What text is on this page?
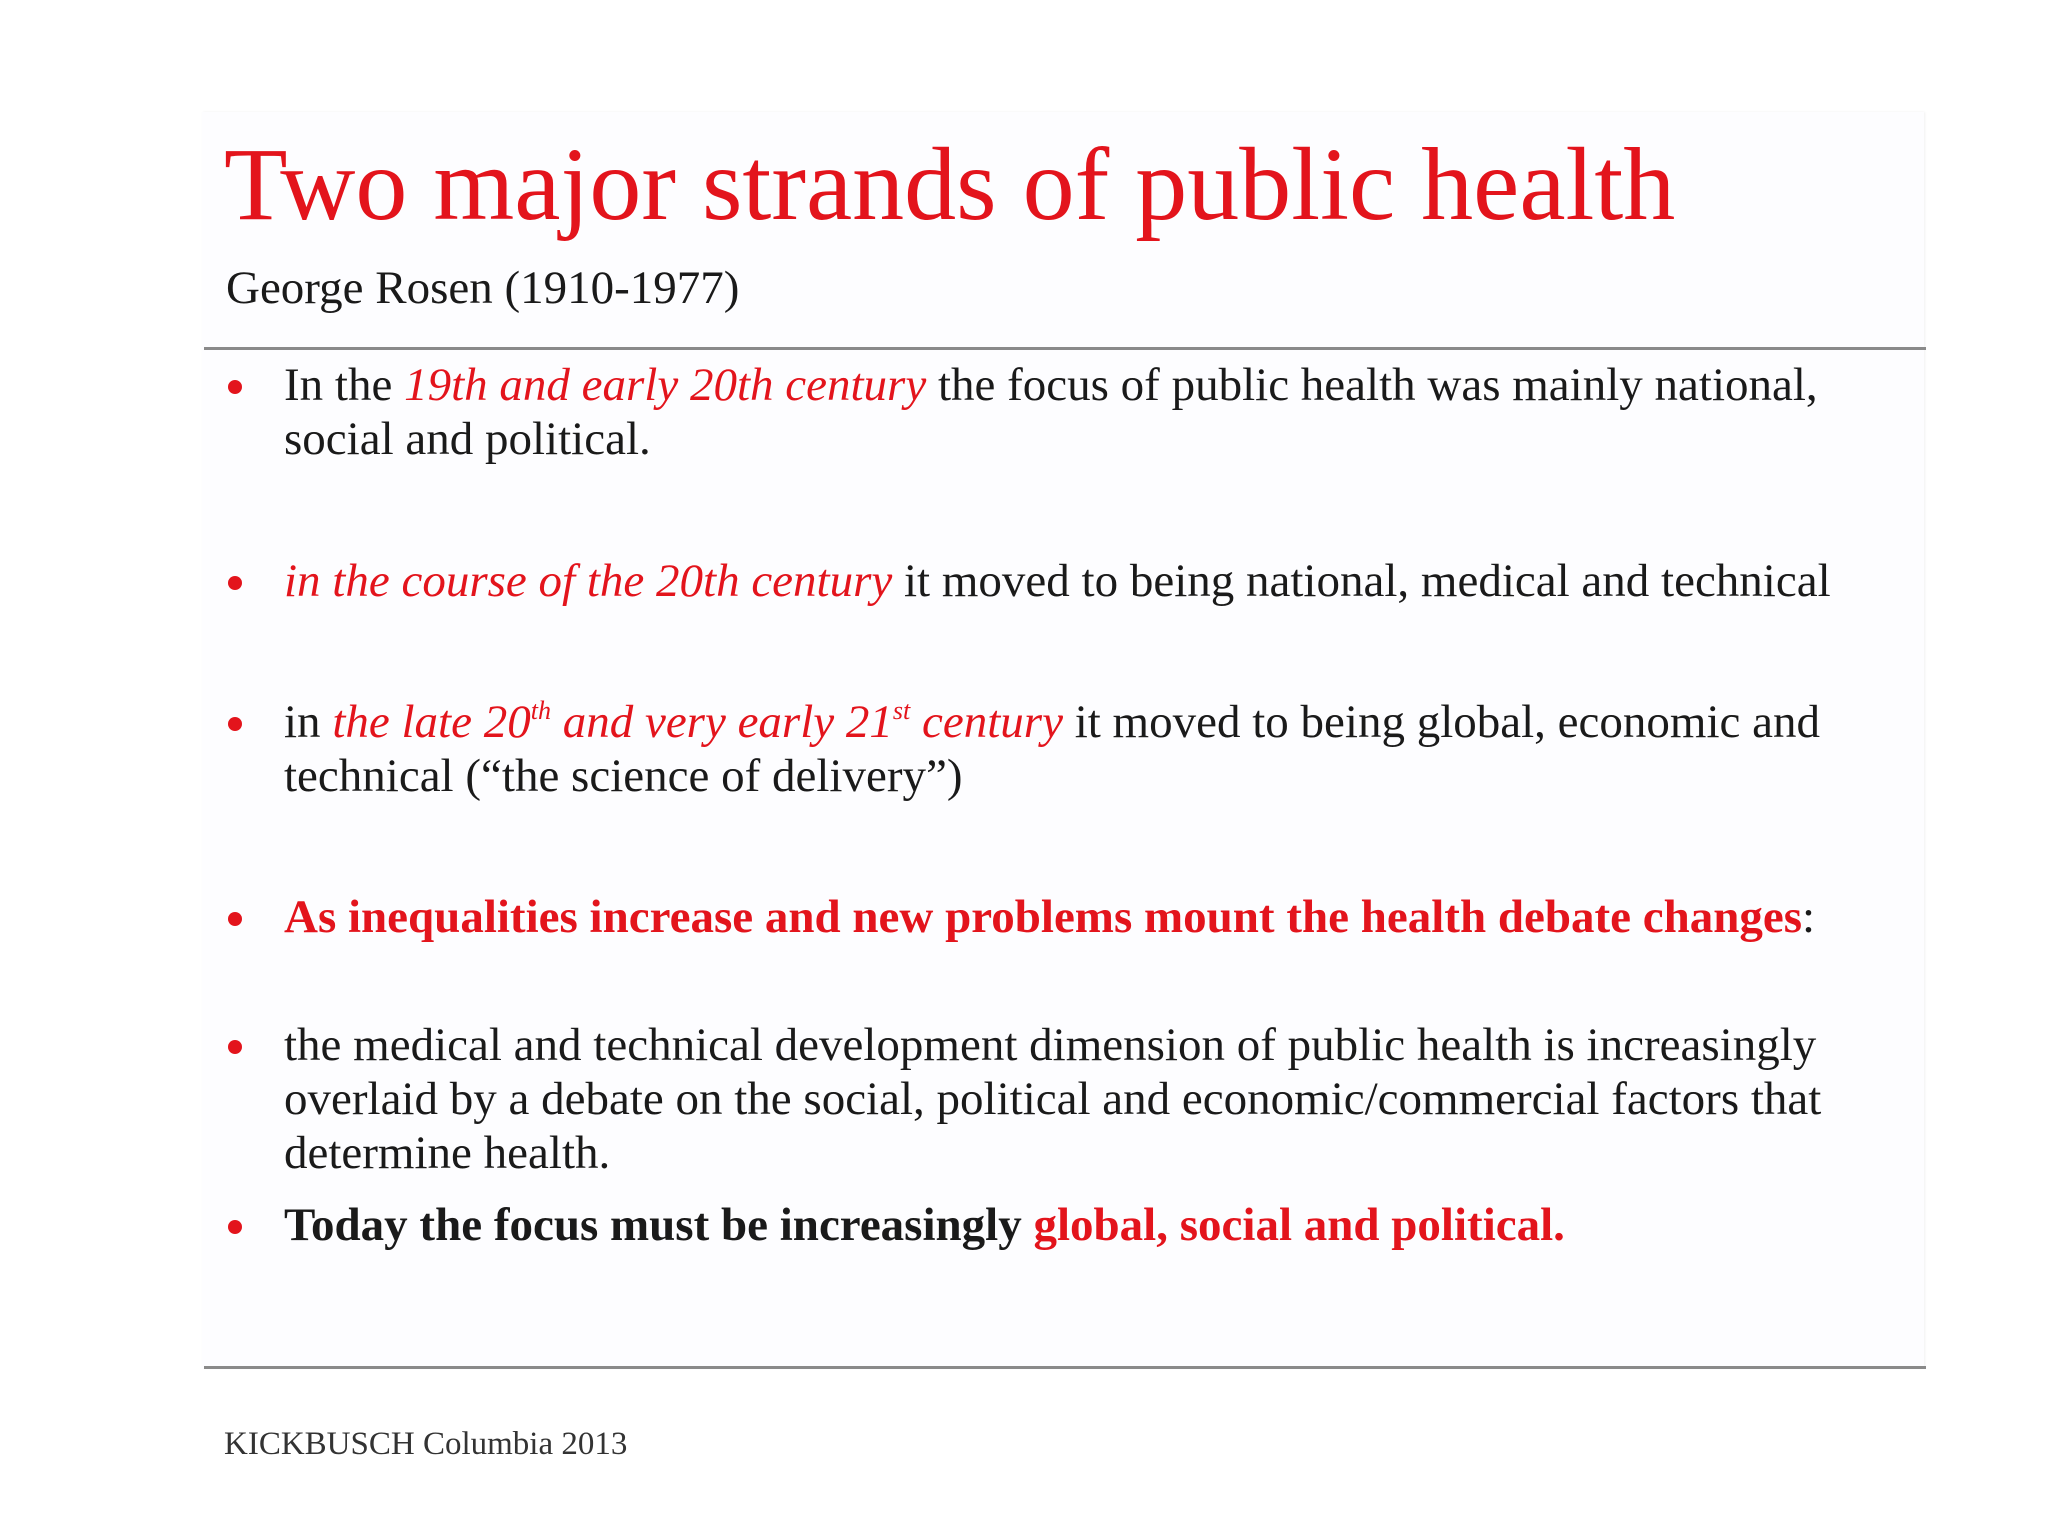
Two major strands of public health

George Rosen (1910-1977)

In the 19th and early 20th century the focus of public health was mainly national, social and political.
in the course of the 20th century it moved to being national, medical and technical
in the late 20th and very early 21st century it moved to being global, economic and technical (“the science of delivery”)
As inequalities increase and new problems mount the health debate changes:
the medical and technical development dimension of public health is increasingly overlaid by a debate on the social, political and economic/commercial factors that determine health.
Today the focus must be increasingly global, social and political.

KICKBUSCH Columbia 2013
